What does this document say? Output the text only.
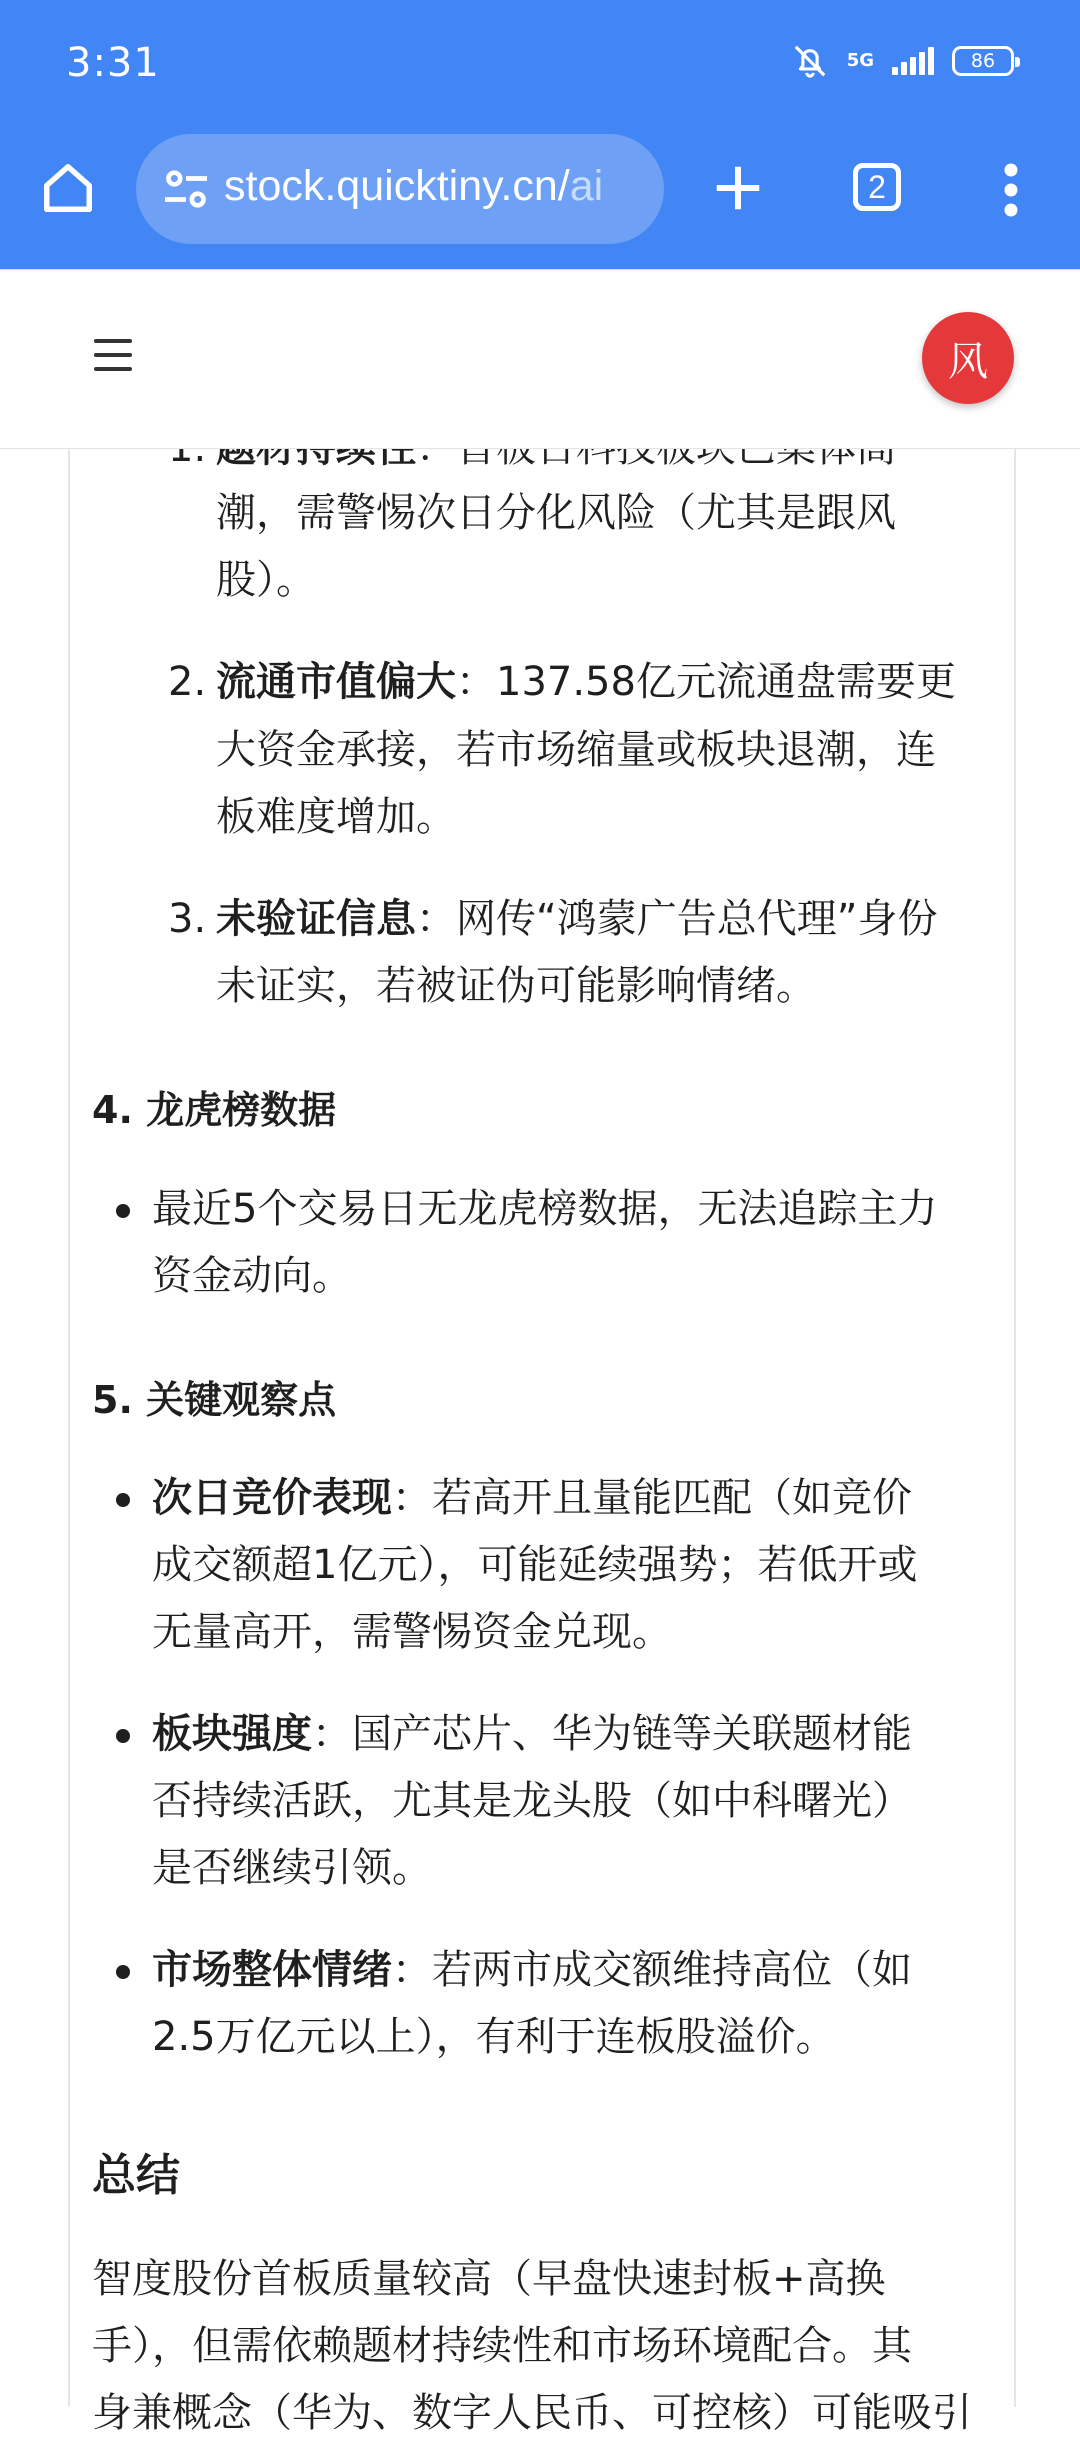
3:31	5G	86
stock.quicktiny.cn/ai	2
风
潮，需警惕次日分化风险（尤其是跟风
股）。
2. 流通市值偏大：137.58亿元流通盘需要更
大资金承接，若市场缩量或板块退潮，连
板难度增加。
3. 未验证信息：网传“鸿蒙广告总代理”身份
未证实，若被证伪可能影响情绪。
4. 龙虎榜数据
最近5个交易日无龙虎榜数据，无法追踪主力
资金动向。
5. 关键观察点
次日竞价表现：若高开且量能匹配（如竞价
成交额超1亿元），可能延续强势；若低开或
无量高开，需警惕资金兑现。
板块强度：国产芯片、华为链等关联题材能
否持续活跃，尤其是龙头股（如中科曙光）
是否继续引领。
市场整体情绪：若两市成交额维持高位（如
2.5万亿元以上），有利于连板股溢价。
总结
智度股份首板质量较高（早盘快速封板+高换
手），但需依赖题材持续性和市场环境配合。其
身兼概念（华为、数字人民币、可控核）可能吸引
